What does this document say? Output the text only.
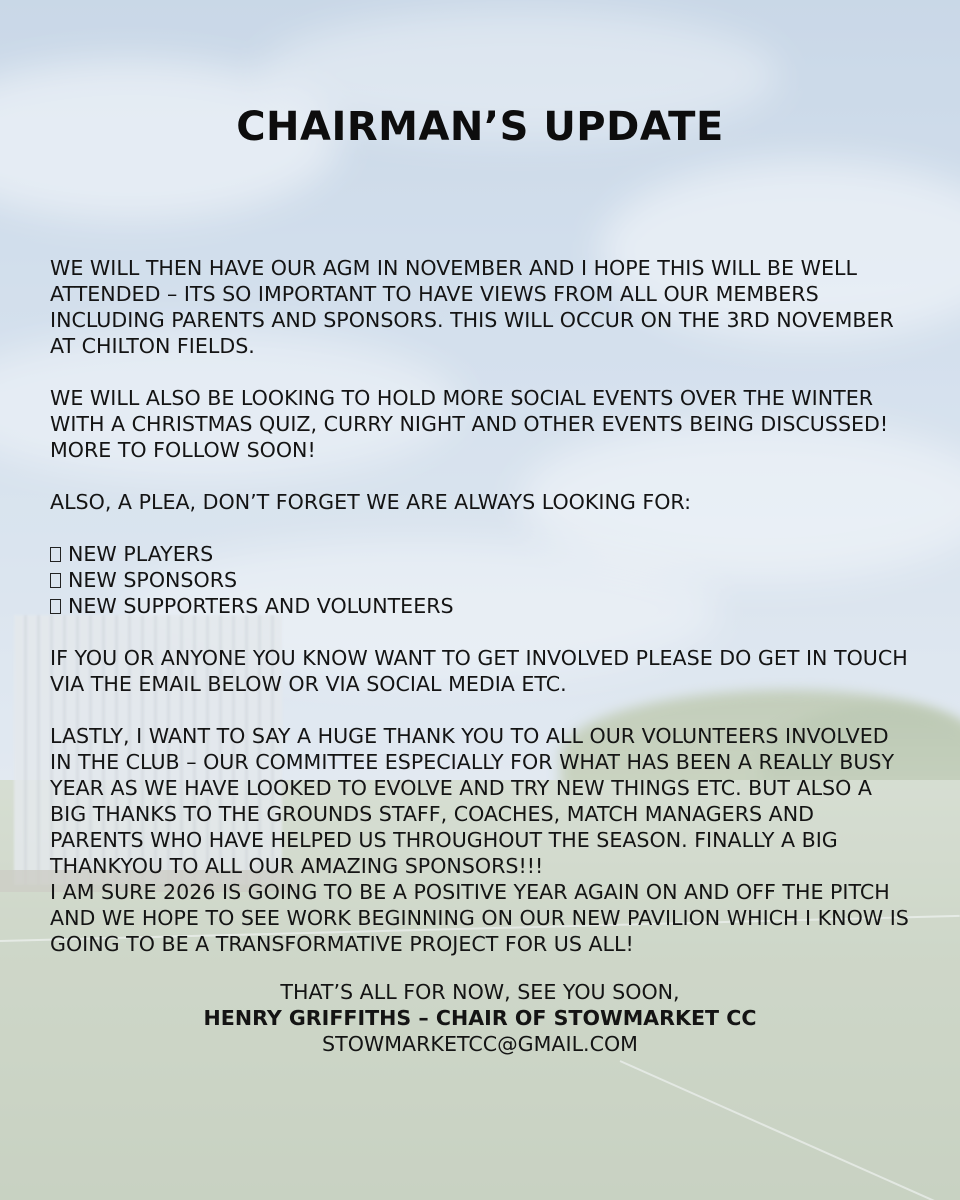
CHAIRMAN’S UPDATE

WE WILL THEN HAVE OUR AGM IN NOVEMBER AND I HOPE THIS WILL BE WELL ATTENDED – ITS SO IMPORTANT TO HAVE VIEWS FROM ALL OUR MEMBERS INCLUDING PARENTS AND SPONSORS. THIS WILL OCCUR ON THE 3RD NOVEMBER AT CHILTON FIELDS.

WE WILL ALSO BE LOOKING TO HOLD MORE SOCIAL EVENTS OVER THE WINTER WITH A CHRISTMAS QUIZ, CURRY NIGHT AND OTHER EVENTS BEING DISCUSSED! MORE TO FOLLOW SOON!

ALSO, A PLEA, DON’T FORGET WE ARE ALWAYS LOOKING FOR:

NEW PLAYERS
NEW SPONSORS
NEW SUPPORTERS AND VOLUNTEERS

IF YOU OR ANYONE YOU KNOW WANT TO GET INVOLVED PLEASE DO GET IN TOUCH VIA THE EMAIL BELOW OR VIA SOCIAL MEDIA ETC.

LASTLY, I WANT TO SAY A HUGE THANK YOU TO ALL OUR VOLUNTEERS INVOLVED IN THE CLUB – OUR COMMITTEE ESPECIALLY FOR WHAT HAS BEEN A REALLY BUSY YEAR AS WE HAVE LOOKED TO EVOLVE AND TRY NEW THINGS ETC. BUT ALSO A BIG THANKS TO THE GROUNDS STAFF, COACHES, MATCH MANAGERS AND PARENTS WHO HAVE HELPED US THROUGHOUT THE SEASON. FINALLY A BIG THANKYOU TO ALL OUR AMAZING SPONSORS!!!

I AM SURE 2026 IS GOING TO BE A POSITIVE YEAR AGAIN ON AND OFF THE PITCH AND WE HOPE TO SEE WORK BEGINNING ON OUR NEW PAVILION WHICH I KNOW IS GOING TO BE A TRANSFORMATIVE PROJECT FOR US ALL!

THAT’S ALL FOR NOW, SEE YOU SOON,
HENRY GRIFFITHS – CHAIR OF STOWMARKET CC
STOWMARKETCC@GMAIL.COM
